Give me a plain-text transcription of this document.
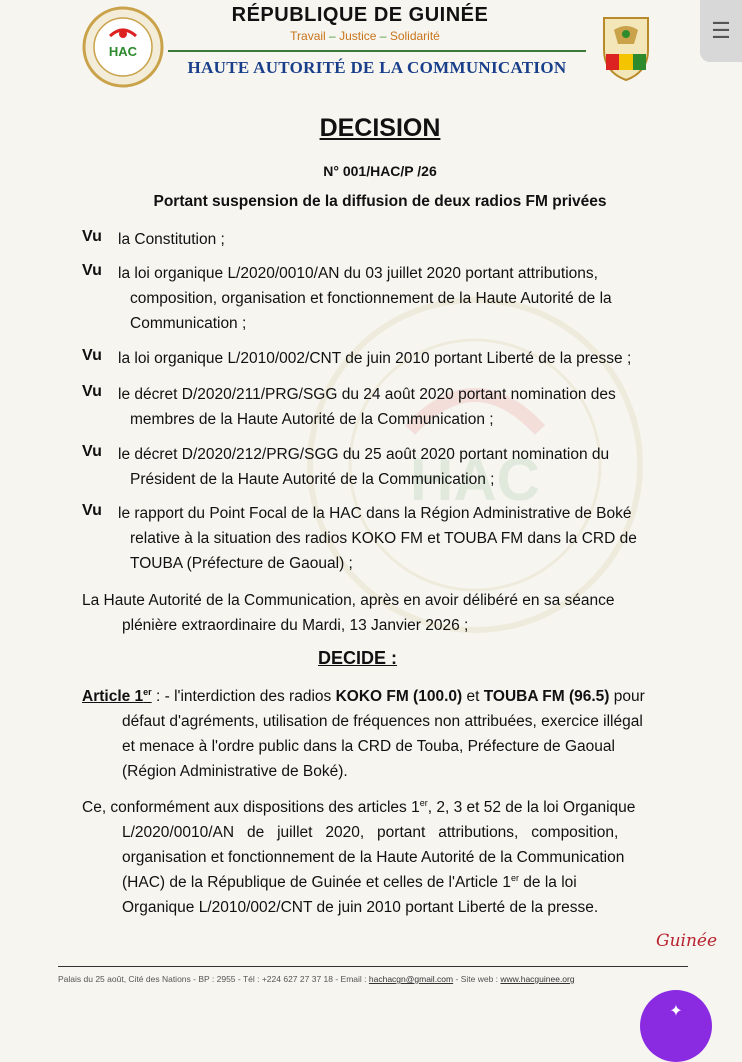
HAC
RÉPUBLIQUE DE GUINÉE
Travail – Justice – Solidarité
HAUTE AUTORITÉ DE LA COMMUNICATION
☰
HAC
DECISION
N° 001/HAC/P /26
Portant suspension de la diffusion de deux radios FM privées
Vu la Constitution ;
Vu la loi organique L/2020/0010/AN du 03 juillet 2020 portant attributions,
composition, organisation et fonctionnement de la Haute Autorité de la
Communication ;
Vu la loi organique L/2010/002/CNT de juin 2010 portant Liberté de la presse ;
Vu le décret D/2020/211/PRG/SGG du 24 août 2020 portant nomination des
membres de la Haute Autorité de la Communication ;
Vu le décret D/2020/212/PRG/SGG du 25 août 2020 portant nomination du
Président de la Haute Autorité de la Communication ;
Vu le rapport du Point Focal de la HAC dans la Région Administrative de Boké
relative à la situation des radios KOKO FM et TOUBA FM dans la CRD de
TOUBA (Préfecture de Gaoual) ;
La Haute Autorité de la Communication, après en avoir délibéré en sa séance
plénière extraordinaire du Mardi, 13 Janvier 2026 ;
DECIDE :
Article 1er : - l'interdiction des radios KOKO FM (100.0) et TOUBA FM (96.5) pour
défaut d'agréments, utilisation de fréquences non attribuées, exercice illégal
et menace à l'ordre public dans la CRD de Touba, Préfecture de Gaoual
(Région Administrative de Boké).
Ce, conformément aux dispositions des articles 1er, 2, 3 et 52 de la loi Organique
L/2020/0010/AN   de   juillet   2020,   portant   attributions,   composition,
organisation et fonctionnement de la Haute Autorité de la Communication
(HAC) de la République de Guinée et celles de l'Article 1er de la loi
Organique L/2010/002/CNT de juin 2010 portant Liberté de la presse.
Guinée
Palais du 25 août, Cité des Nations - BP : 2955 - Tél : +224 627 27 37 18 - Email : hachacgn@gmail.com - Site web : www.hacguinee.org
✦
